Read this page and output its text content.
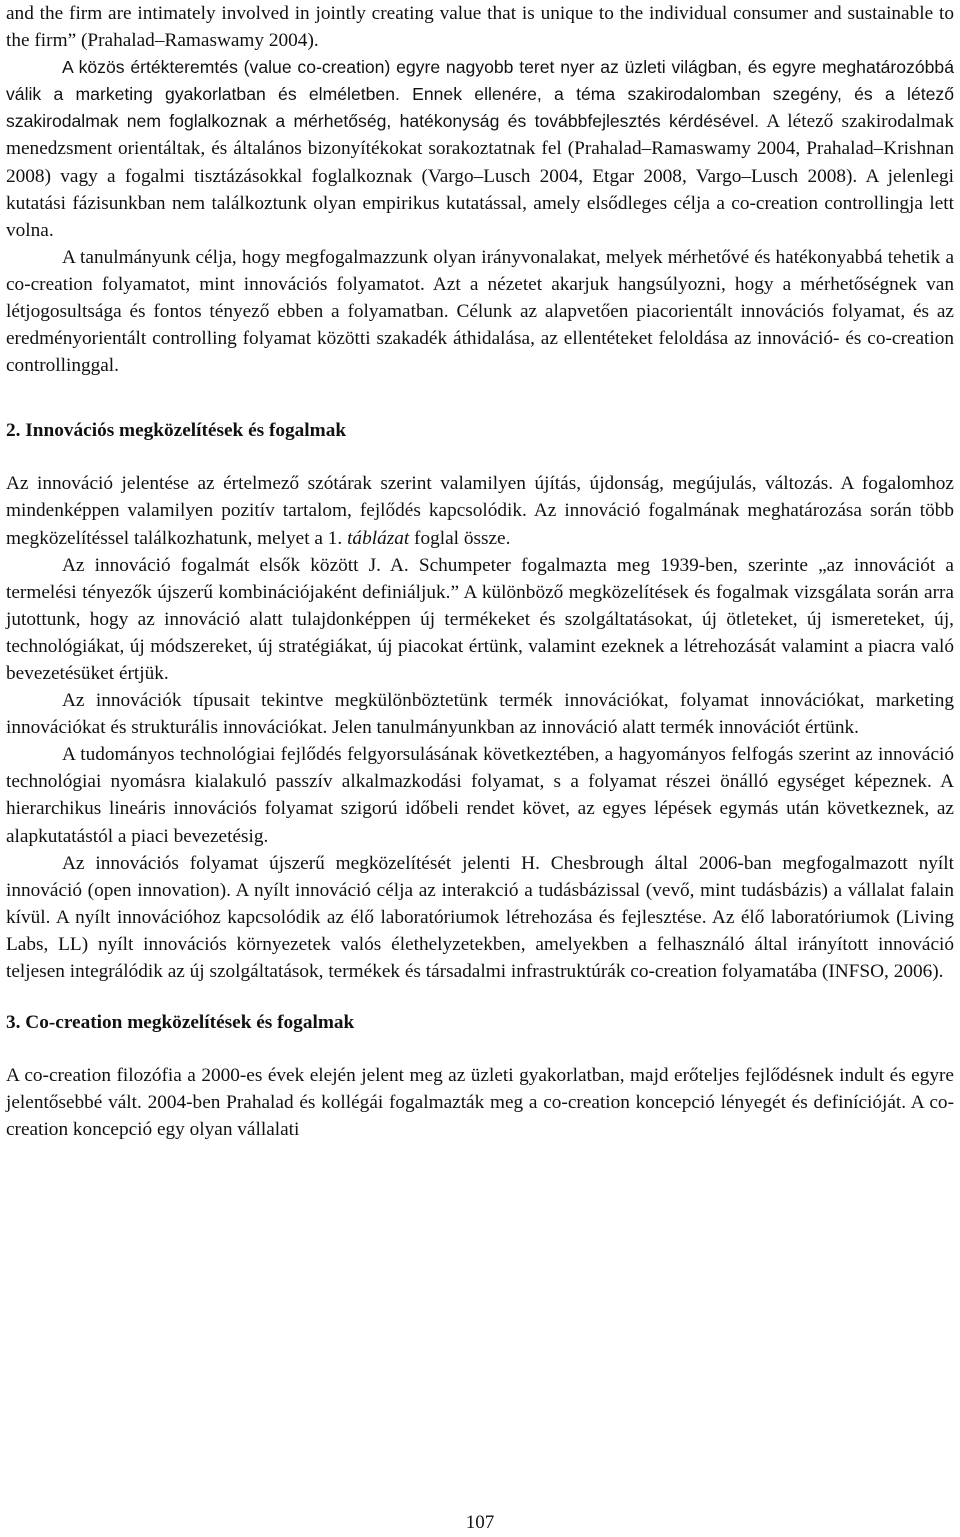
and the firm are intimately involved in jointly creating value that is unique to the individual consumer and sustainable to the firm” (Prahalad–Ramaswamy 2004).

A közös értékteremtés (value co-creation) egyre nagyobb teret nyer az üzleti világban, és egyre meghatározóbbá válik a marketing gyakorlatban és elméletben. Ennek ellenére, a téma szakirodalomban szegény, és a létező szakirodalmak nem foglalkoznak a mérhetőség, hatékonyság és továbbfejlesztés kérdésével. A létező szakirodalmak menedzsment orientáltak, és általános bizonyítékokat sorakoztatnak fel (Prahalad–Ramaswamy 2004, Prahalad–Krishnan 2008) vagy a fogalmi tisztázásokkal foglalkoznak (Vargo–Lusch 2004, Etgar 2008, Vargo–Lusch 2008). A jelenlegi kutatási fázisunkban nem találkoztunk olyan empirikus kutatással, amely elsődleges célja a co-creation controllingja lett volna.

A tanulmányunk célja, hogy megfogalmazzunk olyan irányvonalakat, melyek mérhetővé és hatékonyabbá tehetik a co-creation folyamatot, mint innovációs folyamatot. Azt a nézetet akarjuk hangsúlyozni, hogy a mérhetőségnek van létjogosultsága és fontos tényező ebben a folyamatban. Célunk az alapvetően piacorientált innovációs folyamat, és az eredményorientált controlling folyamat közötti szakadék áthidalása, az ellentéteket feloldása az innováció- és co-creation controllinggal.

2. Innovációs megközelítések és fogalmak

Az innováció jelentése az értelmező szótárak szerint valamilyen újítás, újdonság, megújulás, változás. A fogalomhoz mindenképpen valamilyen pozitív tartalom, fejlődés kapcsolódik. Az innováció fogalmának meghatározása során több megközelítéssel találkozhatunk, melyet a 1. táblázat foglal össze.

Az innováció fogalmát elsők között J. A. Schumpeter fogalmazta meg 1939-ben, szerinte „az innovációt a termelési tényezők újszerű kombinációjaként definiáljuk.” A különböző megközelítések és fogalmak vizsgálata során arra jutottunk, hogy az innováció alatt tulajdonképpen új termékeket és szolgáltatásokat, új ötleteket, új ismereteket, új, technológiákat, új módszereket, új stratégiákat, új piacokat értünk, valamint ezeknek a létrehozását valamint a piacra való bevezetésüket értjük.

Az innovációk típusait tekintve megkülönböztetünk termék innovációkat, folyamat innovációkat, marketing innovációkat és strukturális innovációkat. Jelen tanulmányunkban az innováció alatt termék innovációt értünk.

A tudományos technológiai fejlődés felgyorsulásának következtében, a hagyományos felfogás szerint az innováció technológiai nyomásra kialakuló passzív alkalmazkodási folyamat, s a folyamat részei önálló egységet képeznek. A hierarchikus lineáris innovációs folyamat szigorú időbeli rendet követ, az egyes lépések egymás után következnek, az alapkutatástól a piaci bevezetésig.

Az innovációs folyamat újszerű megközelítését jelenti H. Chesbrough által 2006-ban megfogalmazott nyílt innováció (open innovation). A nyílt innováció célja az interakció a tudásbázissal (vevő, mint tudásbázis) a vállalat falain kívül. A nyílt innovációhoz kapcsolódik az élő laboratóriumok létrehozása és fejlesztése. Az élő laboratóriumok (Living Labs, LL) nyílt innovációs környezetek valós élethelyzetekben, amelyekben a felhasználó által irányított innováció teljesen integrálódik az új szolgáltatások, termékek és társadalmi infrastruktúrák co-creation folyamatába (INFSO, 2006).

3. Co-creation megközelítések és fogalmak

A co-creation filozófia a 2000-es évek elején jelent meg az üzleti gyakorlatban, majd erőteljes fejlődésnek indult és egyre jelentősebbé vált. 2004-ben Prahalad és kollégái fogalmazták meg a co-creation koncepció lényegét és definícióját. A co-creation koncepció egy olyan vállalati

107
